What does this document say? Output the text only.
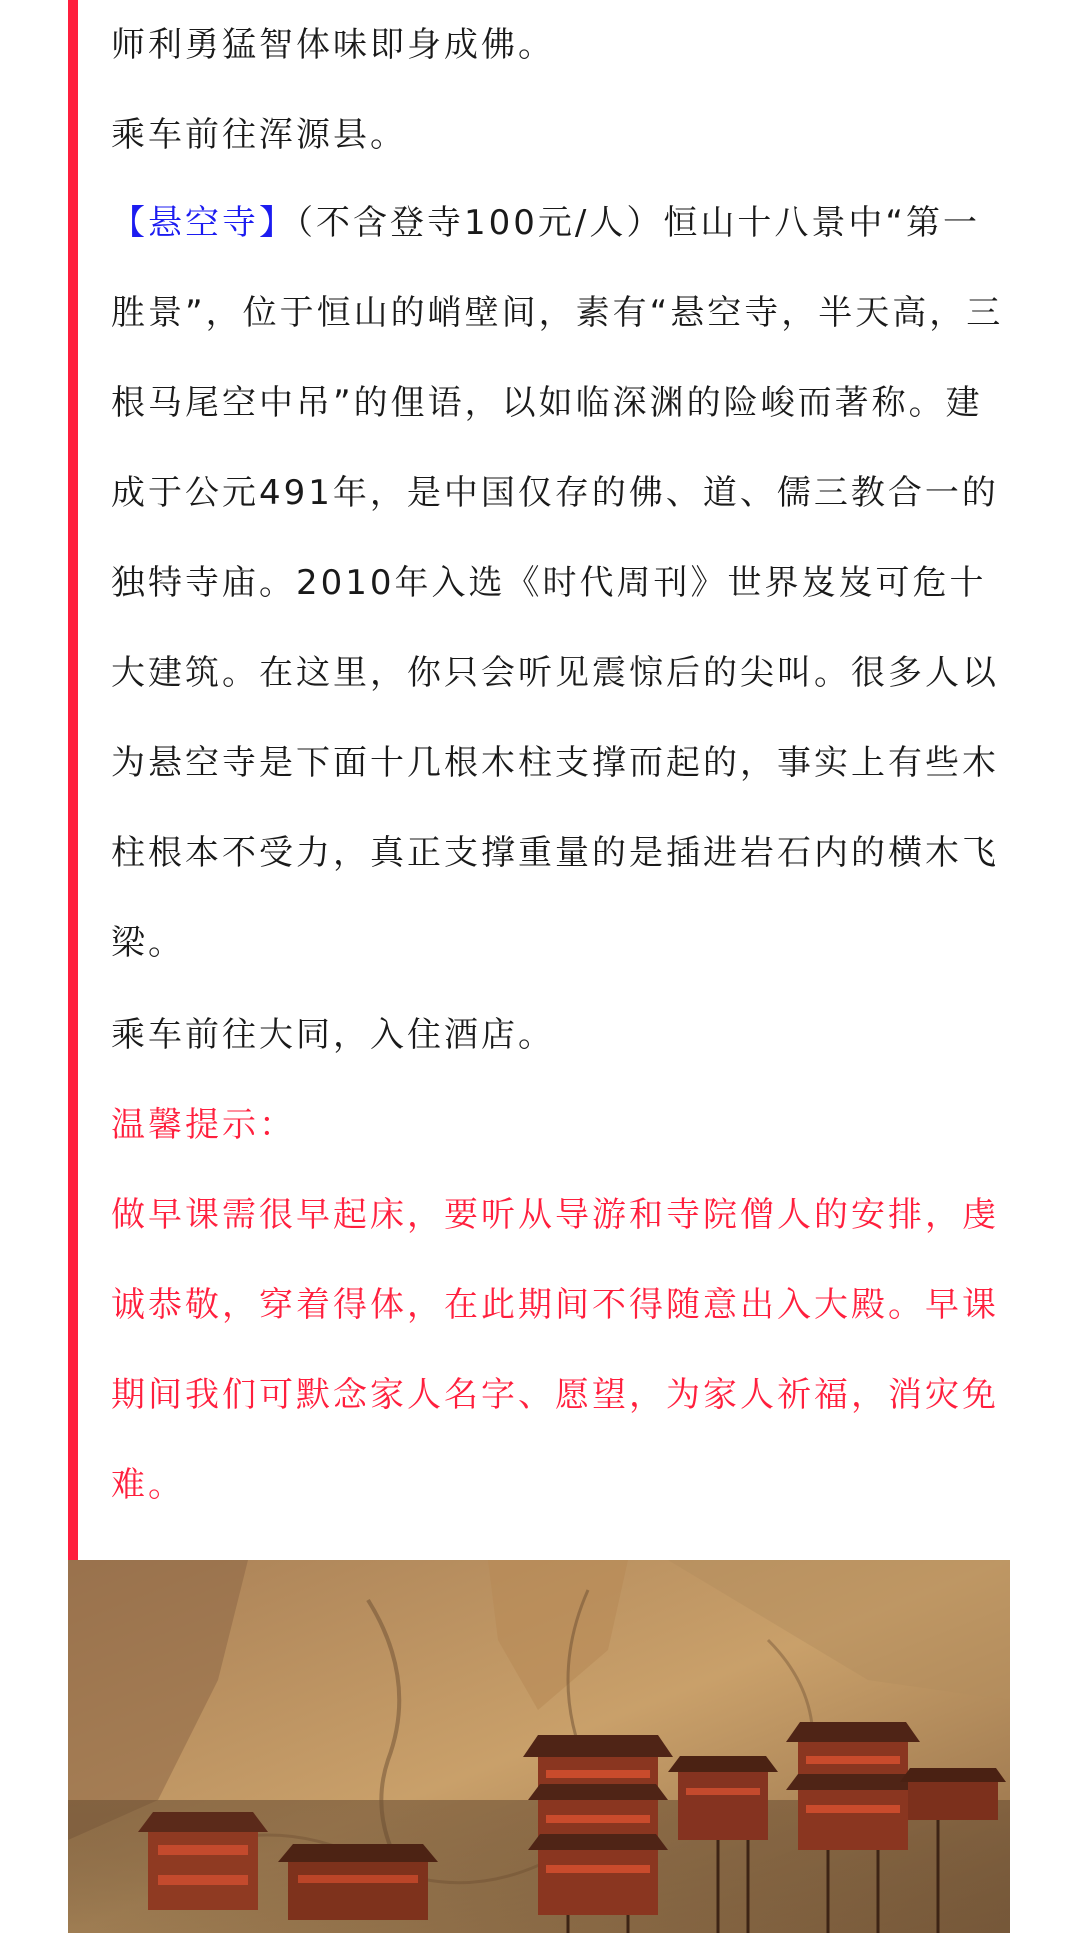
师利勇猛智体味即身成佛。

乘车前往浑源县。

【悬空寺】（不含登寺100元/人）恒山十八景中“第一胜景”，位于恒山的峭壁间，素有“悬空寺，半天高，三根马尾空中吊”的俚语，以如临深渊的险峻而著称。建成于公元491年，是中国仅存的佛、道、儒三教合一的独特寺庙。2010年入选《时代周刊》世界岌岌可危十大建筑。在这里，你只会听见震惊后的尖叫。很多人以为悬空寺是下面十几根木柱支撑而起的，事实上有些木柱根本不受力，真正支撑重量的是插进岩石内的横木飞梁。

乘车前往大同，入住酒店。

温馨提示：

做早课需很早起床，要听从导游和寺院僧人的安排，虔诚恭敬，穿着得体，在此期间不得随意出入大殿。早课期间我们可默念家人名字、愿望，为家人祈福，消灾免难。
